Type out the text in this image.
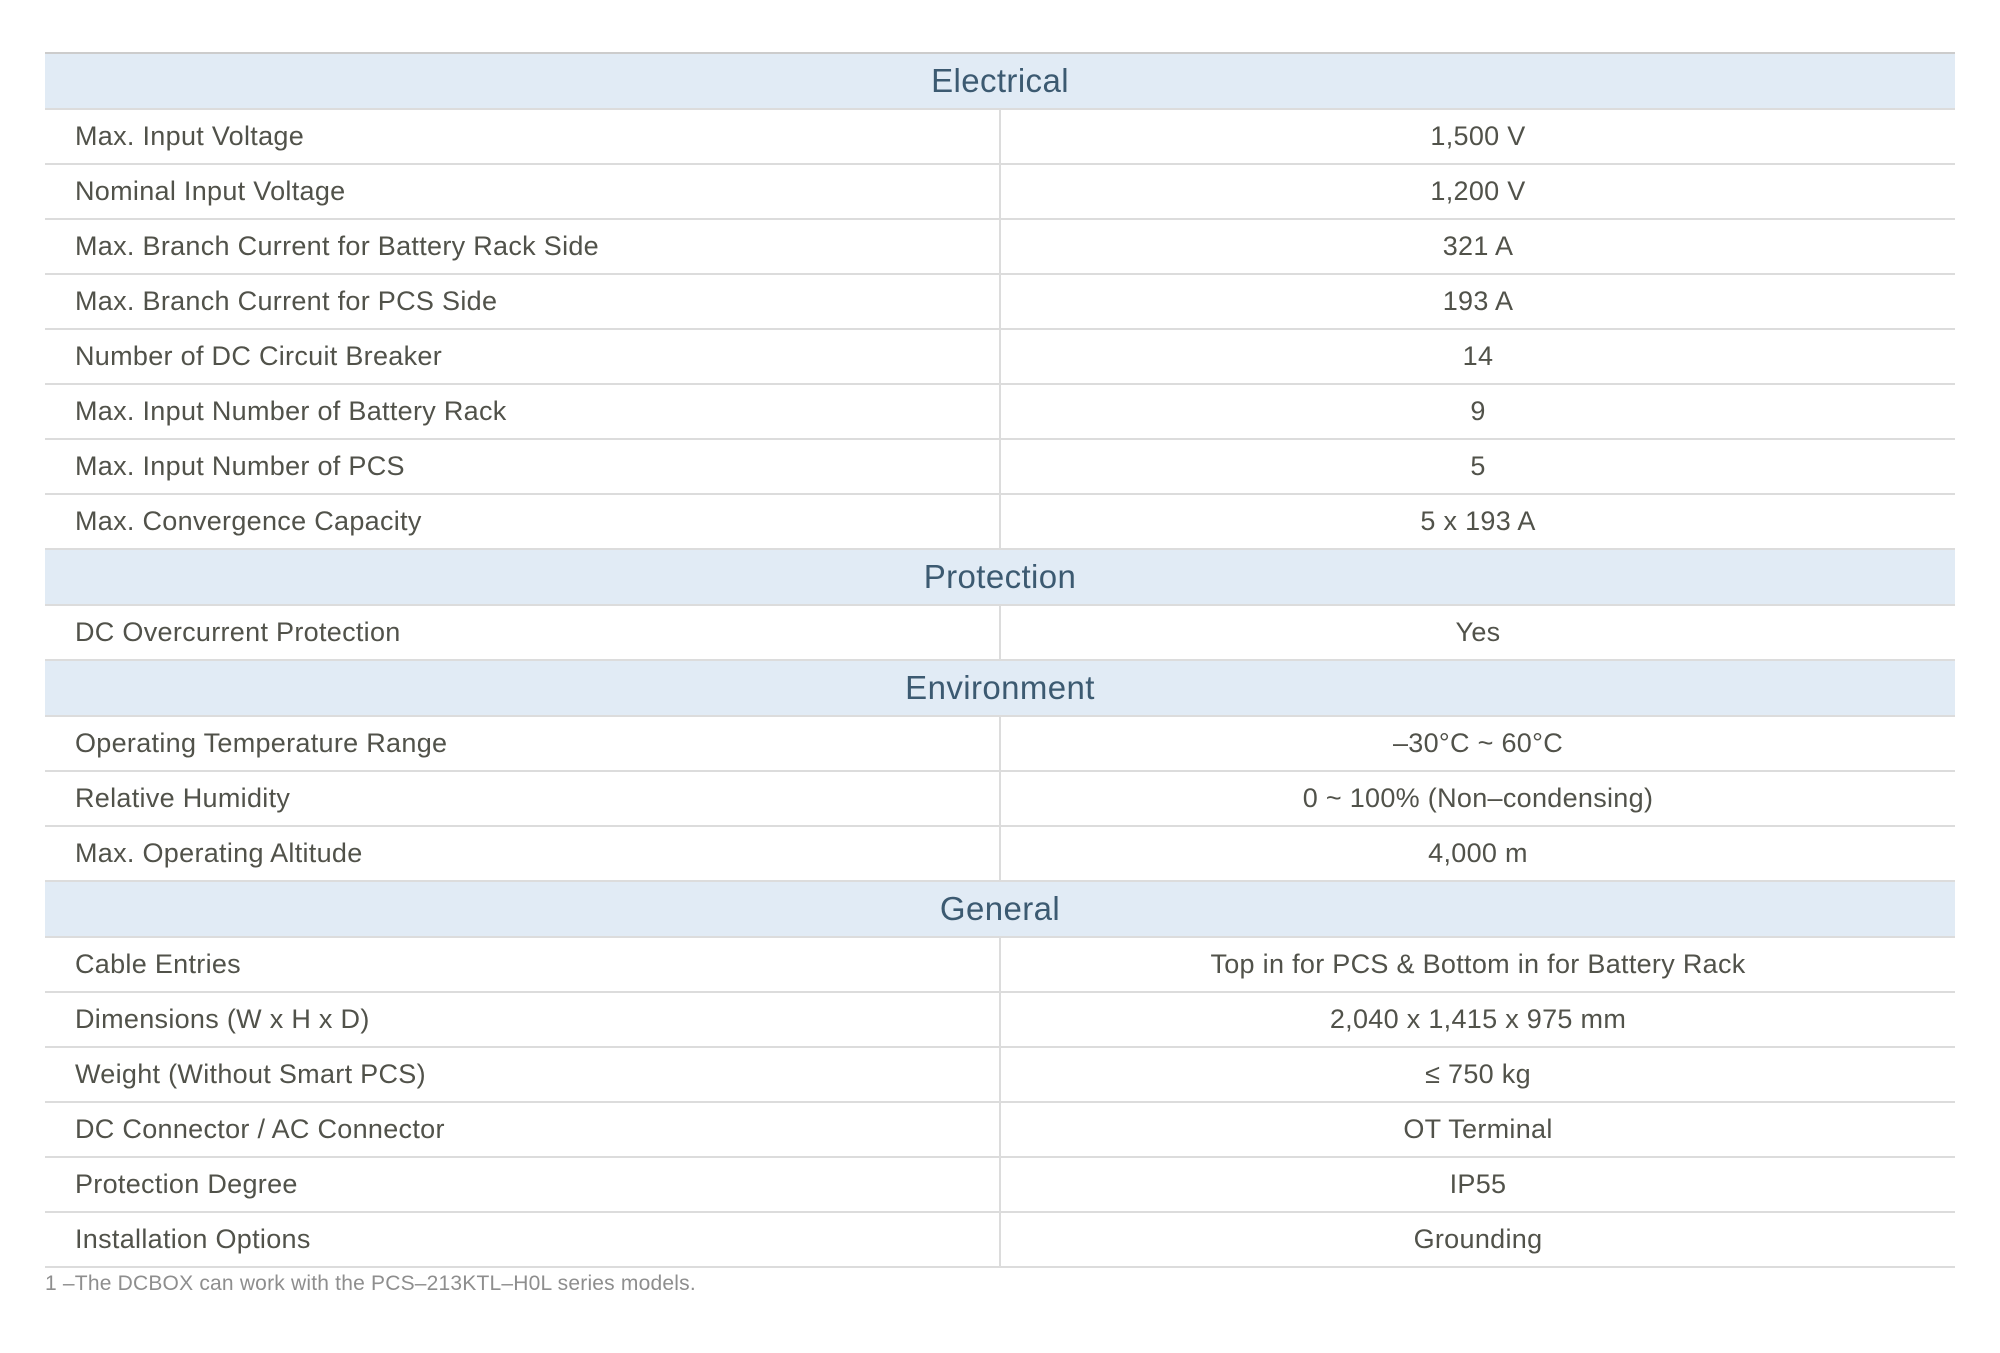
Electrical	
Max. Input Voltage	1,500 V
Nominal Input Voltage	1,200 V
Max. Branch Current for Battery Rack Side	321 A
Max. Branch Current for PCS Side	193 A
Number of DC Circuit Breaker	14
Max. Input Number of Battery Rack	9
Max. Input Number of PCS	5
Max. Convergence Capacity	5 x 193 A
Protection	
DC Overcurrent Protection	Yes
Environment	
Operating Temperature Range	–30°C ~ 60°C
Relative Humidity	0 ~ 100% (Non–condensing)
Max. Operating Altitude	4,000 m
General	
Cable Entries	Top in for PCS & Bottom in for Battery Rack
Dimensions (W x H x D)	2,040 x 1,415 x 975 mm
Weight (Without Smart PCS)	≤ 750 kg
DC Connector / AC Connector	OT Terminal
Protection Degree	IP55
Installation Options	Grounding
1 –The DCBOX can work with the PCS–213KTL–H0L series models.
